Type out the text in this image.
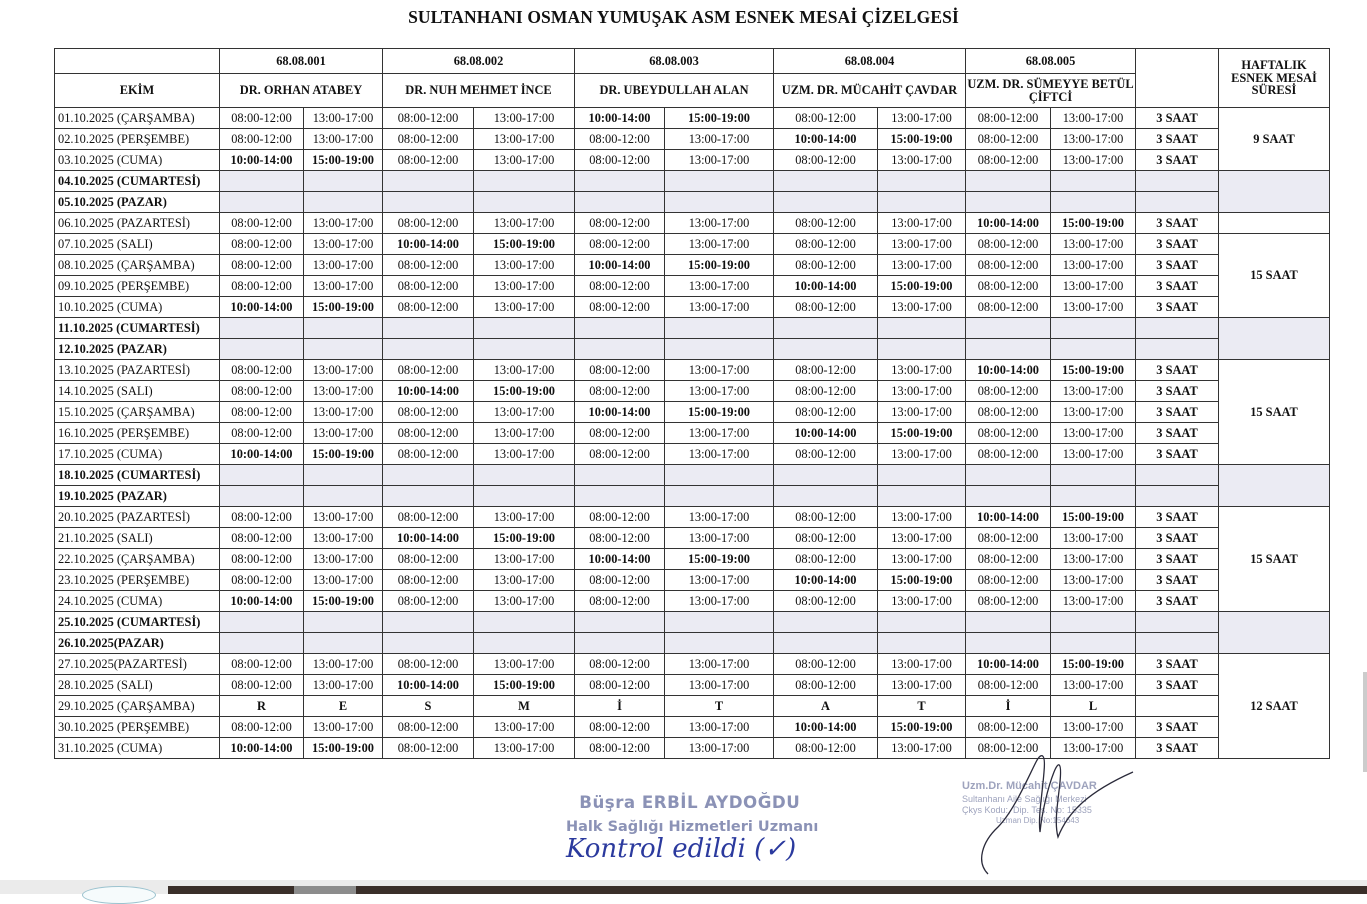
SULTANHANI OSMAN YUMUŞAK ASM ESNEK MESAİ ÇİZELGESİ
	68.08.001		68.08.002		68.08.003		68.08.004		68.08.005			HAFTALIK ESNEK MESAİ SÜRESİ
EKİM	DR. ORHAN ATABEY		DR. NUH MEHMET İNCE		DR. UBEYDULLAH ALAN		UZM. DR. MÜCAHİT ÇAVDAR		UZM. DR. SÜMEYYE BETÜL ÇİFTCİ			
01.10.2025 (ÇARŞAMBA)	08:00-12:00	13:00-17:00	08:00-12:00	13:00-17:00	10:00-14:00	15:00-19:00	08:00-12:00	13:00-17:00	08:00-12:00	13:00-17:00	3 SAAT	9 SAAT
02.10.2025 (PERŞEMBE)	08:00-12:00	13:00-17:00	08:00-12:00	13:00-17:00	08:00-12:00	13:00-17:00	10:00-14:00	15:00-19:00	08:00-12:00	13:00-17:00	3 SAAT	
03.10.2025 (CUMA)	10:00-14:00	15:00-19:00	08:00-12:00	13:00-17:00	08:00-12:00	13:00-17:00	08:00-12:00	13:00-17:00	08:00-12:00	13:00-17:00	3 SAAT	
04.10.2025 (CUMARTESİ)												
05.10.2025 (PAZAR)												
06.10.2025 (PAZARTESİ)	08:00-12:00	13:00-17:00	08:00-12:00	13:00-17:00	08:00-12:00	13:00-17:00	08:00-12:00	13:00-17:00	10:00-14:00	15:00-19:00	3 SAAT	
07.10.2025 (SALI)	08:00-12:00	13:00-17:00	10:00-14:00	15:00-19:00	08:00-12:00	13:00-17:00	08:00-12:00	13:00-17:00	08:00-12:00	13:00-17:00	3 SAAT	15 SAAT
08.10.2025 (ÇARŞAMBA)	08:00-12:00	13:00-17:00	08:00-12:00	13:00-17:00	10:00-14:00	15:00-19:00	08:00-12:00	13:00-17:00	08:00-12:00	13:00-17:00	3 SAAT	
09.10.2025 (PERŞEMBE)	08:00-12:00	13:00-17:00	08:00-12:00	13:00-17:00	08:00-12:00	13:00-17:00	10:00-14:00	15:00-19:00	08:00-12:00	13:00-17:00	3 SAAT	
10.10.2025 (CUMA)	10:00-14:00	15:00-19:00	08:00-12:00	13:00-17:00	08:00-12:00	13:00-17:00	08:00-12:00	13:00-17:00	08:00-12:00	13:00-17:00	3 SAAT	
11.10.2025 (CUMARTESİ)												
12.10.2025 (PAZAR)												
13.10.2025 (PAZARTESİ)	08:00-12:00	13:00-17:00	08:00-12:00	13:00-17:00	08:00-12:00	13:00-17:00	08:00-12:00	13:00-17:00	10:00-14:00	15:00-19:00	3 SAAT	15 SAAT
14.10.2025 (SALI)	08:00-12:00	13:00-17:00	10:00-14:00	15:00-19:00	08:00-12:00	13:00-17:00	08:00-12:00	13:00-17:00	08:00-12:00	13:00-17:00	3 SAAT	
15.10.2025 (ÇARŞAMBA)	08:00-12:00	13:00-17:00	08:00-12:00	13:00-17:00	10:00-14:00	15:00-19:00	08:00-12:00	13:00-17:00	08:00-12:00	13:00-17:00	3 SAAT	
16.10.2025 (PERŞEMBE)	08:00-12:00	13:00-17:00	08:00-12:00	13:00-17:00	08:00-12:00	13:00-17:00	10:00-14:00	15:00-19:00	08:00-12:00	13:00-17:00	3 SAAT	
17.10.2025 (CUMA)	10:00-14:00	15:00-19:00	08:00-12:00	13:00-17:00	08:00-12:00	13:00-17:00	08:00-12:00	13:00-17:00	08:00-12:00	13:00-17:00	3 SAAT	
18.10.2025 (CUMARTESİ)												
19.10.2025 (PAZAR)												
20.10.2025 (PAZARTESİ)	08:00-12:00	13:00-17:00	08:00-12:00	13:00-17:00	08:00-12:00	13:00-17:00	08:00-12:00	13:00-17:00	10:00-14:00	15:00-19:00	3 SAAT	15 SAAT
21.10.2025 (SALI)	08:00-12:00	13:00-17:00	10:00-14:00	15:00-19:00	08:00-12:00	13:00-17:00	08:00-12:00	13:00-17:00	08:00-12:00	13:00-17:00	3 SAAT	
22.10.2025 (ÇARŞAMBA)	08:00-12:00	13:00-17:00	08:00-12:00	13:00-17:00	10:00-14:00	15:00-19:00	08:00-12:00	13:00-17:00	08:00-12:00	13:00-17:00	3 SAAT	
23.10.2025 (PERŞEMBE)	08:00-12:00	13:00-17:00	08:00-12:00	13:00-17:00	08:00-12:00	13:00-17:00	10:00-14:00	15:00-19:00	08:00-12:00	13:00-17:00	3 SAAT	
24.10.2025 (CUMA)	10:00-14:00	15:00-19:00	08:00-12:00	13:00-17:00	08:00-12:00	13:00-17:00	08:00-12:00	13:00-17:00	08:00-12:00	13:00-17:00	3 SAAT	
25.10.2025 (CUMARTESİ)												
26.10.2025(PAZAR)												
27.10.2025(PAZARTESİ)	08:00-12:00	13:00-17:00	08:00-12:00	13:00-17:00	08:00-12:00	13:00-17:00	08:00-12:00	13:00-17:00	10:00-14:00	15:00-19:00	3 SAAT	12 SAAT
28.10.2025 (SALI)	08:00-12:00	13:00-17:00	10:00-14:00	15:00-19:00	08:00-12:00	13:00-17:00	08:00-12:00	13:00-17:00	08:00-12:00	13:00-17:00	3 SAAT	
29.10.2025 (ÇARŞAMBA)	R	E	S	M	İ	T	A	T	İ	L		
30.10.2025 (PERŞEMBE)	08:00-12:00	13:00-17:00	08:00-12:00	13:00-17:00	08:00-12:00	13:00-17:00	10:00-14:00	15:00-19:00	08:00-12:00	13:00-17:00	3 SAAT	
31.10.2025 (CUMA)	10:00-14:00	15:00-19:00	08:00-12:00	13:00-17:00	08:00-12:00	13:00-17:00	08:00-12:00	13:00-17:00	08:00-12:00	13:00-17:00	3 SAAT	
Büşra ERBİL AYDOĞDU
Halk Sağlığı Hizmetleri Uzmanı
Kontrol edildi (✓)
Uzm.Dr. Mücahit ÇAVDAR
Sultanhanı Aile Sağlığı Merkezi
Çkys Kodu:, Dip. Tes. No: 15335
Uzman Dip. No:154643
